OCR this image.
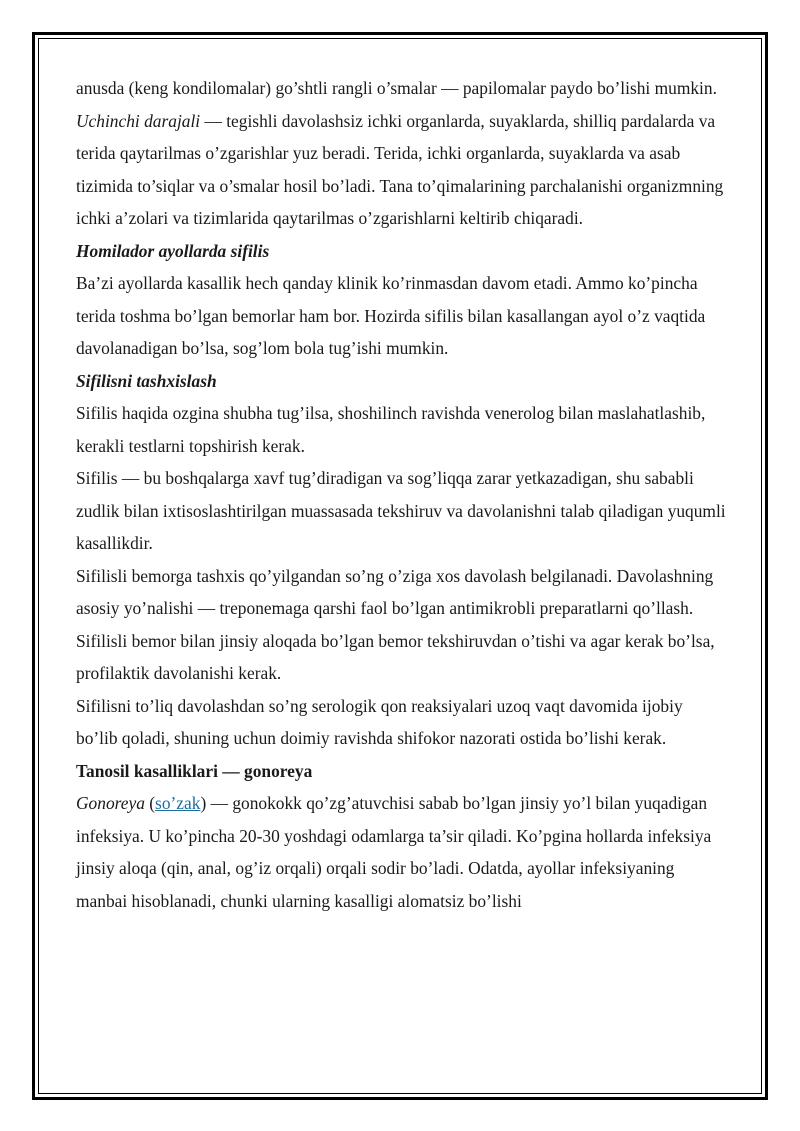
anusda (keng kondilomalar) go’shtli rangli o’smalar — papilomalar paydo bo’lishi mumkin.

Uchinchi darajali — tegishli davolashsiz ichki organlarda, suyaklarda, shilliq pardalarda va terida qaytarilmas o’zgarishlar yuz beradi. Terida, ichki organlarda, suyaklarda va asab tizimida to’siqlar va o’smalar hosil bo’ladi. Tana to’qimalarining parchalanishi organizmning ichki a’zolari va tizimlarida qaytarilmas o’zgarishlarni keltirib chiqaradi.

Homilador ayollarda sifilis

Ba’zi ayollarda kasallik hech qanday klinik ko’rinmasdan davom etadi. Ammo ko’pincha terida toshma bo’lgan bemorlar ham bor. Hozirda sifilis bilan kasallangan ayol o’z vaqtida davolanadigan bo’lsa, sog’lom bola tug’ishi mumkin.

Sifilisni tashxislash

Sifilis haqida ozgina shubha tug’ilsa, shoshilinch ravishda venerolog bilan maslahatlashib, kerakli testlarni topshirish kerak.

Sifilis — bu boshqalarga xavf tug’diradigan va sog’liqqa zarar yetkazadigan, shu sababli zudlik bilan ixtisoslashtirilgan muassasada tekshiruv va davolanishni talab qiladigan yuqumli kasallikdir.

Sifilisli bemorga tashxis qo’yilgandan so’ng o’ziga xos davolash belgilanadi. Davolashning asosiy yo’nalishi — treponemaga qarshi faol bo’lgan antimikrobli preparatlarni qo’llash. Sifilisli bemor bilan jinsiy aloqada bo’lgan bemor tekshiruvdan o’tishi va agar kerak bo’lsa, profilaktik davolanishi kerak.

Sifilisni to’liq davolashdan so’ng serologik qon reaksiyalari uzoq vaqt davomida ijobiy bo’lib qoladi, shuning uchun doimiy ravishda shifokor nazorati ostida bo’lishi kerak.

Tanosil kasalliklari — gonoreya

Gonoreya (so’zak) — gonokokk qo’zg’atuvchisi sabab bo’lgan jinsiy yo’l bilan yuqadigan infeksiya. U ko’pincha 20-30 yoshdagi odamlarga ta’sir qiladi. Ko’pgina hollarda infeksiya jinsiy aloqa (qin, anal, og’iz orqali) orqali sodir bo’ladi. Odatda, ayollar infeksiyaning manbai hisoblanadi, chunki ularning kasalligi alomatsiz bo’lishi
